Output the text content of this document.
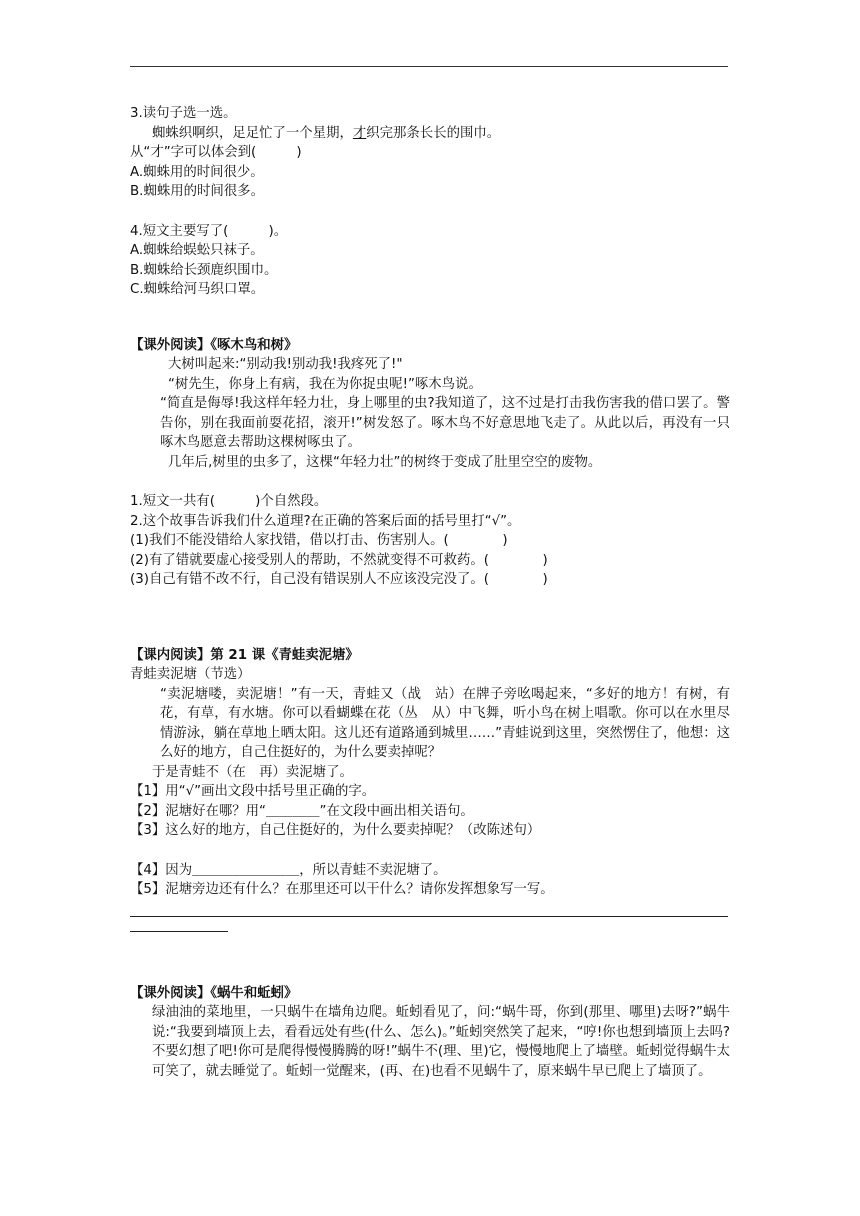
3.读句子选一选。

蜘蛛织啊织，足足忙了一个星期，才织完那条长长的围巾。

从“才”字可以体会到(　　　)

A.蜘蛛用的时间很少。

B.蜘蛛用的时间很多。

4.短文主要写了(　　　)。

A.蜘蛛给蜈蚣只袜子。

B.蜘蛛给长颈鹿织围巾。

C.蜘蛛给河马织口罩。

【课外阅读】《啄木鸟和树》

大树叫起来:“别动我!别动我!我疼死了!"

“树先生，你身上有病，我在为你捉虫呢!”啄木鸟说。

“简直是侮辱!我这样年轻力壮，身上哪里的虫?我知道了，这不过是打击我伤害我的借口罢了。警告你，别在我面前耍花招，滚开!”树发怒了。啄木鸟不好意思地飞走了。从此以后，再没有一只啄木鸟愿意去帮助这棵树啄虫了。

几年后,树里的虫多了，这棵“年轻力壮”的树终于变成了肚里空空的废物。

1.短文一共有(　　　)个自然段。

2.这个故事告诉我们什么道理?在正确的答案后面的括号里打“√”。

(1)我们不能没错给人家找错，借以打击、伤害别人。(　　　　)

(2)有了错就要虚心接受别人的帮助，不然就变得不可救药。(　　　　)

(3)自己有错不改不行，自己没有错误别人不应该没完没了。(　　　　)

【课内阅读】第 21 课《青蛙卖泥塘》

青蛙卖泥塘（节选）

“卖泥塘喽，卖泥塘！”有一天，青蛙又（战　站）在牌子旁吆喝起来，“多好的地方！有树，有花，有草，有水塘。你可以看蝴蝶在花（丛　从）中飞舞，听小鸟在树上唱歌。你可以在水里尽情游泳，躺在草地上晒太阳。这儿还有道路通到城里……”青蛙说到这里，突然愣住了，他想：这么好的地方，自己住挺好的，为什么要卖掉呢？

于是青蛙不（在　再）卖泥塘了。

【1】用“√”画出文段中括号里正确的字。

【2】泥塘好在哪？用“＿＿＿＿”在文段中画出相关语句。

【3】这么好的地方，自己住挺好的，为什么要卖掉呢？（改陈述句）

【4】因为＿＿＿＿＿＿＿＿，所以青蛙不卖泥塘了。

【5】泥塘旁边还有什么？在那里还可以干什么？请你发挥想象写一写。

【课外阅读】《蜗牛和蚯蚓》

绿油油的菜地里，一只蜗牛在墙角边爬。蚯蚓看见了，问:“蜗牛哥，你到(那里、哪里)去呀?”蜗牛说:“我要到墙顶上去，看看远处有些(什么、怎么)。”蚯蚓突然笑了起来，“哼!你也想到墙顶上去吗?不要幻想了吧!你可是爬得慢慢腾腾的呀!”蜗牛不(理、里)它，慢慢地爬上了墙壁。蚯蚓觉得蜗牛太可笑了，就去睡觉了。蚯蚓一觉醒来，(再、在)也看不见蜗牛了，原来蜗牛早已爬上了墙顶了。
